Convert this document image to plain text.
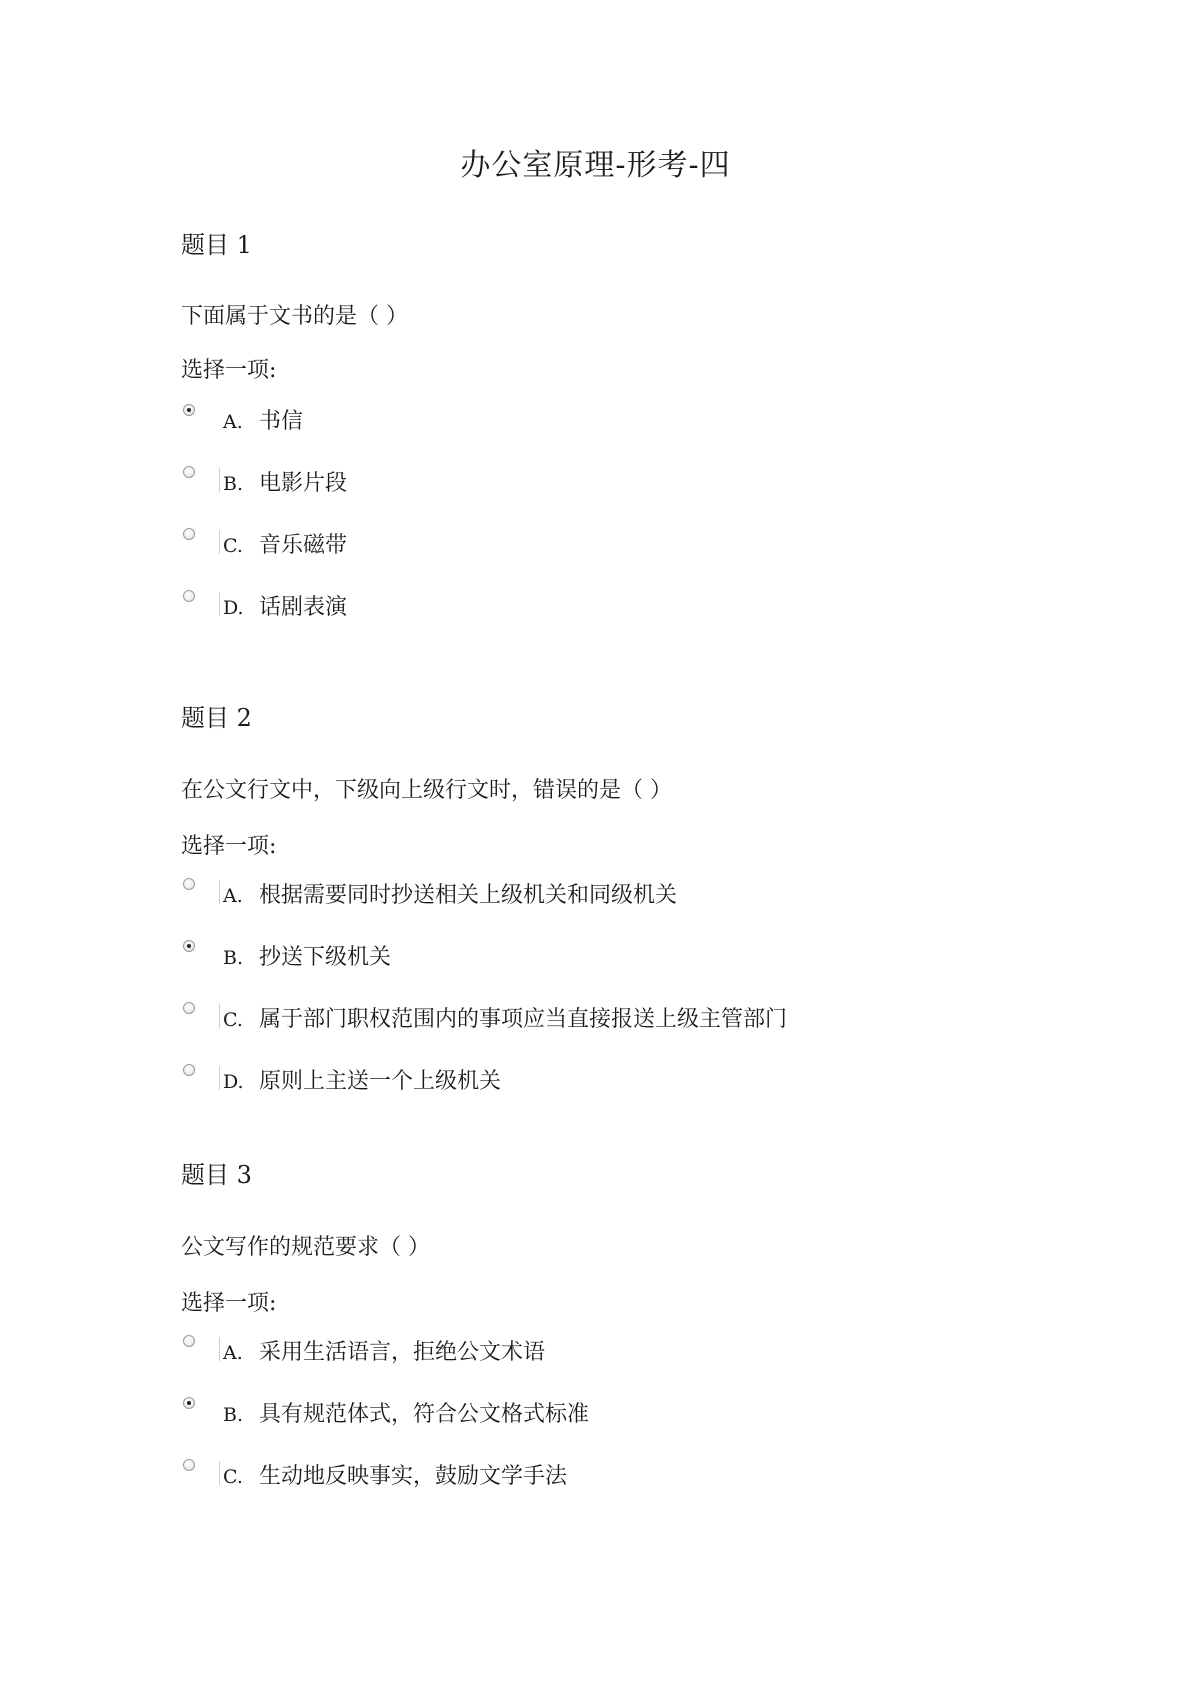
办公室原理-形考-四
题目 1
下面属于文书的是（ ）
选择一项:
A. 书信
B. 电影片段
C. 音乐磁带
D. 话剧表演
题目 2
在公文行文中，下级向上级行文时，错误的是（ ）
选择一项:
A. 根据需要同时抄送相关上级机关和同级机关
B. 抄送下级机关
C. 属于部门职权范围内的事项应当直接报送上级主管部门
D. 原则上主送一个上级机关
题目 3
公文写作的规范要求（ ）
选择一项:
A. 采用生活语言，拒绝公文术语
B. 具有规范体式，符合公文格式标准
C. 生动地反映事实，鼓励文学手法
